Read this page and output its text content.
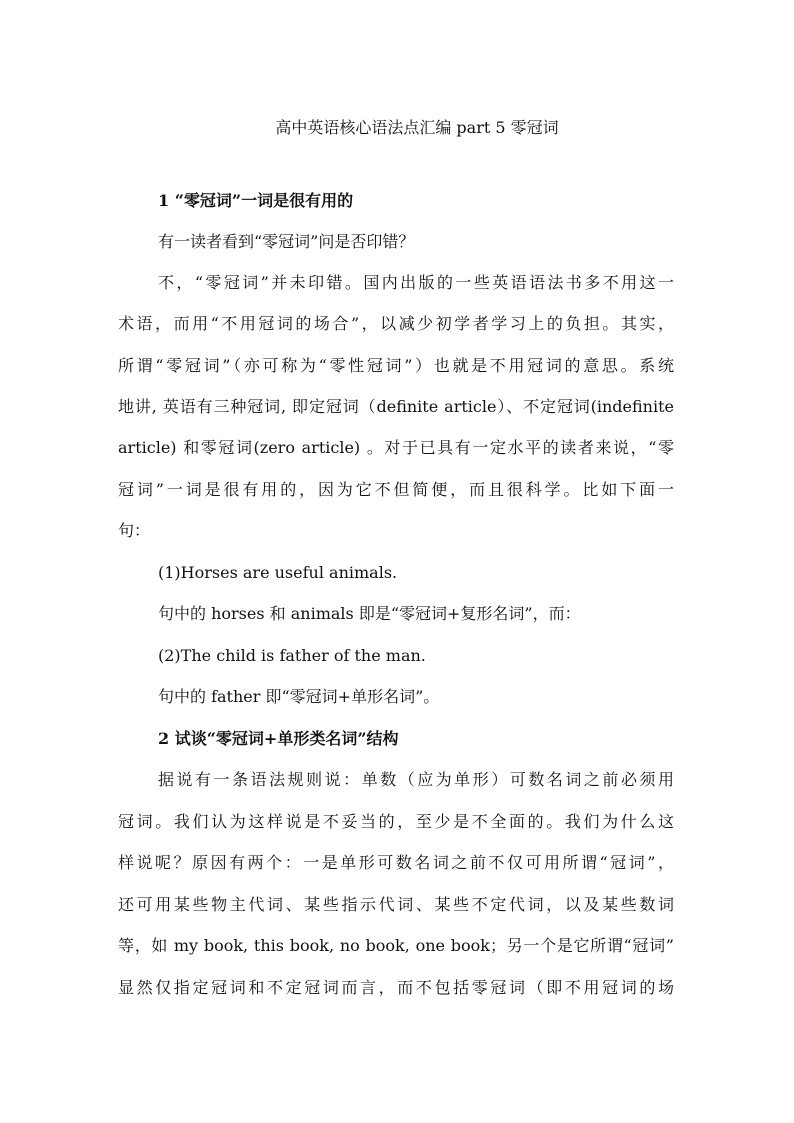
高中英语核心语法点汇编 part 5 零冠词
1 “零冠词”一词是很有用的
有一读者看到“零冠词”问是否印错？
不，“零冠词”并未印错。国内出版的一些英语语法书多不用这一
术语，而用“不用冠词的场合”，以减少初学者学习上的负担。其实，
所谓“零冠词”（亦可称为“零性冠词”）也就是不用冠词的意思。系统
地讲, 英语有三种冠词, 即定冠词（definite article）、不定冠词(indefinite
article) 和零冠词(zero article) 。对于已具有一定水平的读者来说，“零
冠词”一词是很有用的，因为它不但简便，而且很科学。比如下面一
句：
(1)Horses are useful animals.
句中的 horses 和 animals 即是“零冠词+复形名词”，而：
(2)The child is father of the man.
句中的 father 即“零冠词+单形名词”。
2 试谈“零冠词+单形类名词”结构
据说有一条语法规则说：单数（应为单形）可数名词之前必须用
冠词。我们认为这样说是不妥当的，至少是不全面的。我们为什么这
样说呢？原因有两个：一是单形可数名词之前不仅可用所谓“冠词”，
还可用某些物主代词、某些指示代词、某些不定代词，以及某些数词
等，如 my book, this book, no book, one book；另一个是它所谓“冠词”
显然仅指定冠词和不定冠词而言，而不包括零冠词（即不用冠词的场
